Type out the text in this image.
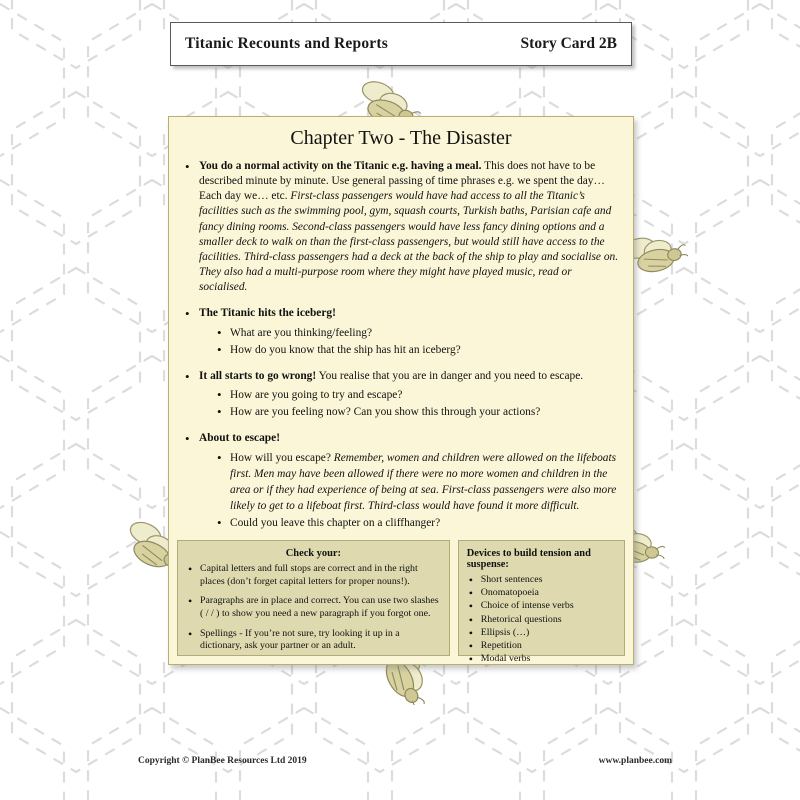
Titanic Recounts and Reports	Story Card 2B
Chapter Two - The Disaster
• You do a normal activity on the Titanic e.g. having a meal. This does not have to be described minute by minute. Use general passing of time phrases e.g. we spent the day… Each day we… etc. First-class passengers would have had access to all the Titanic’s facilities such as the swimming pool, gym, squash courts, Turkish baths, Parisian cafe and fancy dining rooms. Second-class passengers would have less fancy dining options and a smaller deck to walk on than the first-class passengers, but would still have access to the facilities. Third-class passengers had a deck at the back of the ship to play and socialise on. They also had a multi-purpose room where they might have played music, read or socialised.
• The Titanic hits the iceberg!
• What are you thinking/feeling?
• How do you know that the ship has hit an iceberg?
• It all starts to go wrong! You realise that you are in danger and you need to escape.
• How are you going to try and escape?
• How are you feeling now? Can you show this through your actions?
• About to escape!
• How will you escape? Remember, women and children were allowed on the lifeboats first. Men may have been allowed if there were no more women and children in the area or if they had experience of being at sea. First-class passengers were also more likely to get to a lifeboat first. Third-class would have found it more difficult.
• Could you leave this chapter on a cliffhanger?
Check your:
• Capital letters and full stops are correct and in the right places (don’t forget capital letters for proper nouns!).
• Paragraphs are in place and correct. You can use two slashes ( / / ) to show you need a new paragraph if you forgot one.
• Spellings - If you’re not sure, try looking it up in a dictionary, ask your partner or an adult.
Devices to build tension and suspense:
• Short sentences
• Onomatopoeia
• Choice of intense verbs
• Rhetorical questions
• Ellipsis (…)
• Repetition
• Modal verbs
Copyright © PlanBee Resources Ltd 2019	www.planbee.com
